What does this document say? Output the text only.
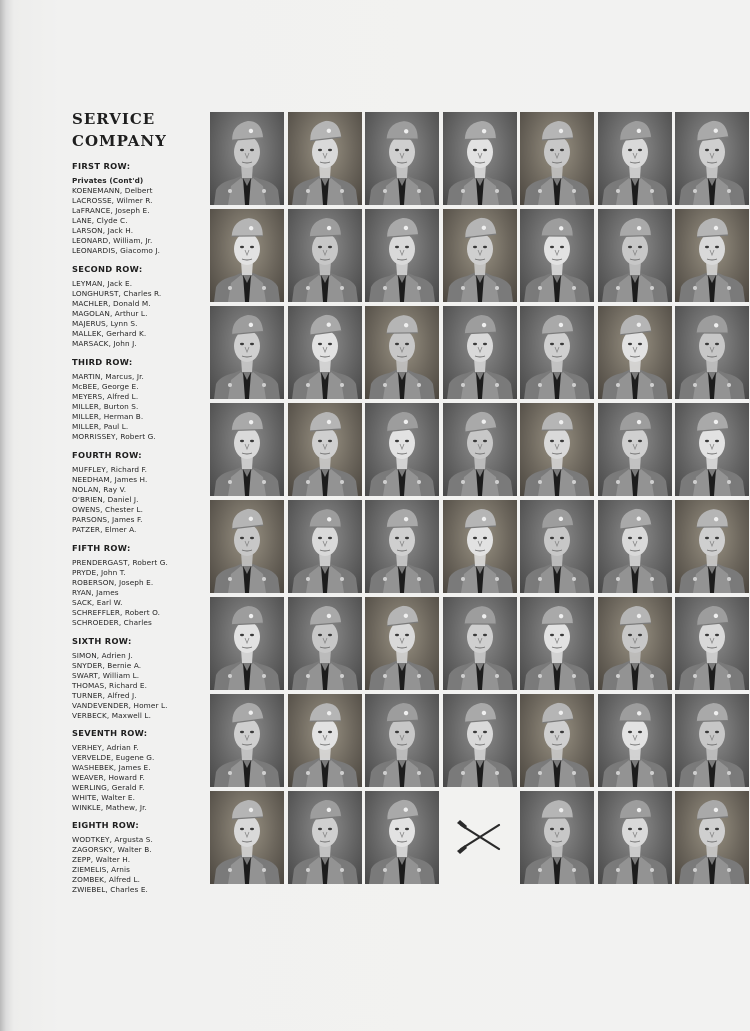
SERVICE
COMPANY
FIRST ROW:
Privates (Cont'd)
KOENEMANN, Delbert
LACROSSE, Wilmer R.
LaFRANCE, Joseph E.
LANE, Clyde C.
LARSON, Jack H.
LEONARD, William, Jr.
LEONARDIS, Giacomo J.
SECOND ROW:
LEYMAN, Jack E.
LONGHURST, Charles R.
MACHLER, Donald M.
MAGOLAN, Arthur L.
MAJERUS, Lynn S.
MALLEK, Gerhard K.
MARSACK, John J.
THIRD ROW:
MARTIN, Marcus, Jr.
McBEE, George E.
MEYERS, Alfred L.
MILLER, Burton S.
MILLER, Herman B.
MILLER, Paul L.
MORRISSEY, Robert G.
FOURTH ROW:
MUFFLEY, Richard F.
NEEDHAM, James H.
NOLAN, Ray V.
O'BRIEN, Daniel J.
OWENS, Chester L.
PARSONS, James F.
PATZER, Elmer A.
FIFTH ROW:
PRENDERGAST, Robert G.
PRYDE, John T.
ROBERSON, Joseph E.
RYAN, James
SACK, Earl W.
SCHREFFLER, Robert O.
SCHROEDER, Charles
SIXTH ROW:
SIMON, Adrien J.
SNYDER, Bernie A.
SWART, William L.
THOMAS, Richard E.
TURNER, Alfred J.
VANDEVENDER, Homer L.
VERBECK, Maxwell L.
SEVENTH ROW:
VERHEY, Adrian F.
VERVELDE, Eugene G.
WASHEBEK, James E.
WEAVER, Howard F.
WERLING, Gerald F.
WHITE, Walter E.
WINKLE, Mathew, Jr.
EIGHTH ROW:
WODTKEY, Argusta S.
ZAGORSKY, Walter B.
ZEPP, Walter H.
ZIEMELIS, Arnis
ZOMBEK, Alfred L.
ZWIEBEL, Charles E.
